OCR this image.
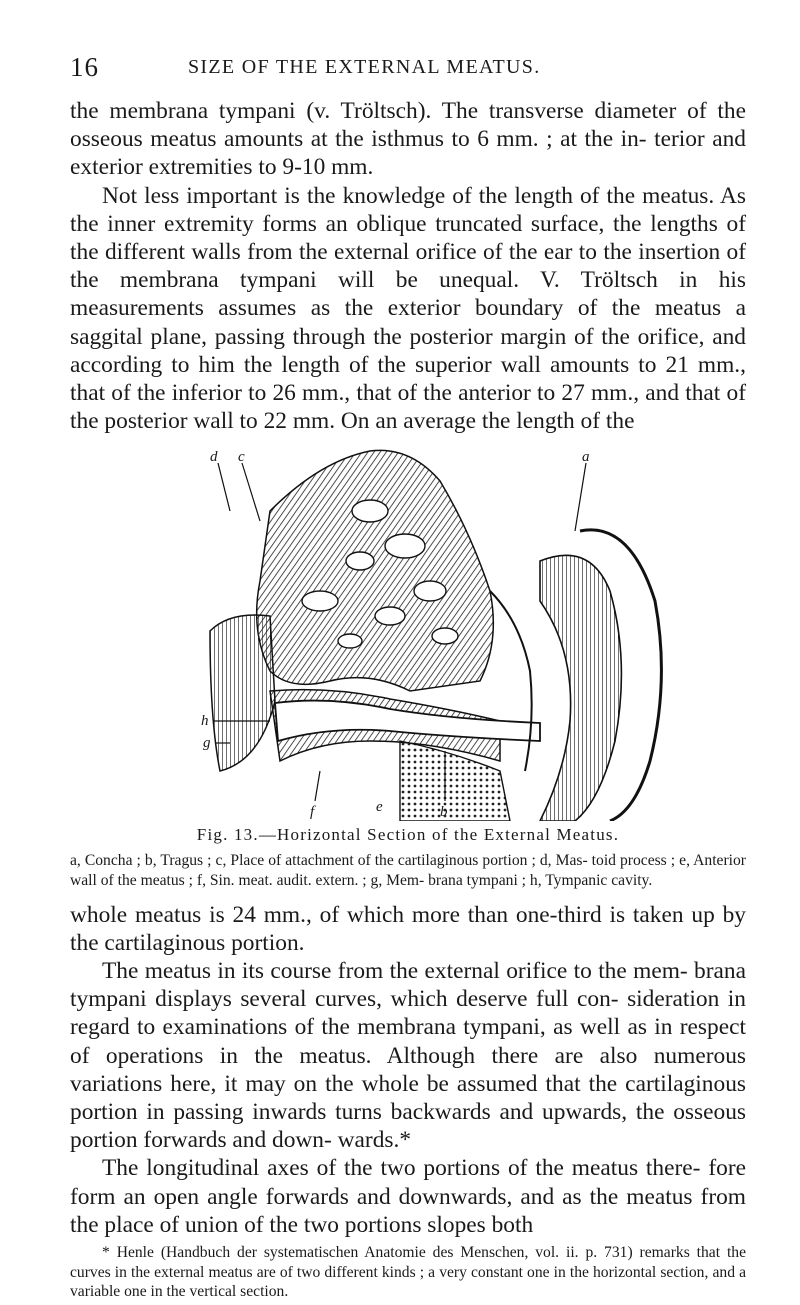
16	SIZE OF THE EXTERNAL MEATUS.

the membrana tympani (v. Tröltsch). The transverse diameter of the osseous meatus amounts at the isthmus to 6 mm. ; at the in- terior and exterior extremities to 9-10 mm.

Not less important is the knowledge of the length of the meatus. As the inner extremity forms an oblique truncated surface, the lengths of the different walls from the external orifice of the ear to the insertion of the membrana tympani will be unequal. V. Tröltsch in his measurements assumes as the exterior boundary of the meatus a saggital plane, passing through the posterior margin of the orifice, and according to him the length of the superior wall amounts to 21 mm., that of the inferior to 26 mm., that of the anterior to 27 mm., and that of the posterior wall to 22 mm. On an average the length of the

d c	a
h
g
f	e	b
Fig. 13.—Horizontal Section of the External Meatus.

a, Concha ; b, Tragus ; c, Place of attachment of the cartilaginous portion ; d, Mas- toid process ; e, Anterior wall of the meatus ; f, Sin. meat. audit. extern. ; g, Mem- brana tympani ; h, Tympanic cavity.

whole meatus is 24 mm., of which more than one-third is taken up by the cartilaginous portion.

The meatus in its course from the external orifice to the mem- brana tympani displays several curves, which deserve full con- sideration in regard to examinations of the membrana tympani, as well as in respect of operations in the meatus. Although there are also numerous variations here, it may on the whole be assumed that the cartilaginous portion in passing inwards turns backwards and upwards, the osseous portion forwards and down- wards.*

The longitudinal axes of the two portions of the meatus there- fore form an open angle forwards and downwards, and as the meatus from the place of union of the two portions slopes both

* Henle (Handbuch der systematischen Anatomie des Menschen, vol. ii. p. 731) remarks that the curves in the external meatus are of two different kinds ; a very constant one in the horizontal section, and a variable one in the vertical section.
